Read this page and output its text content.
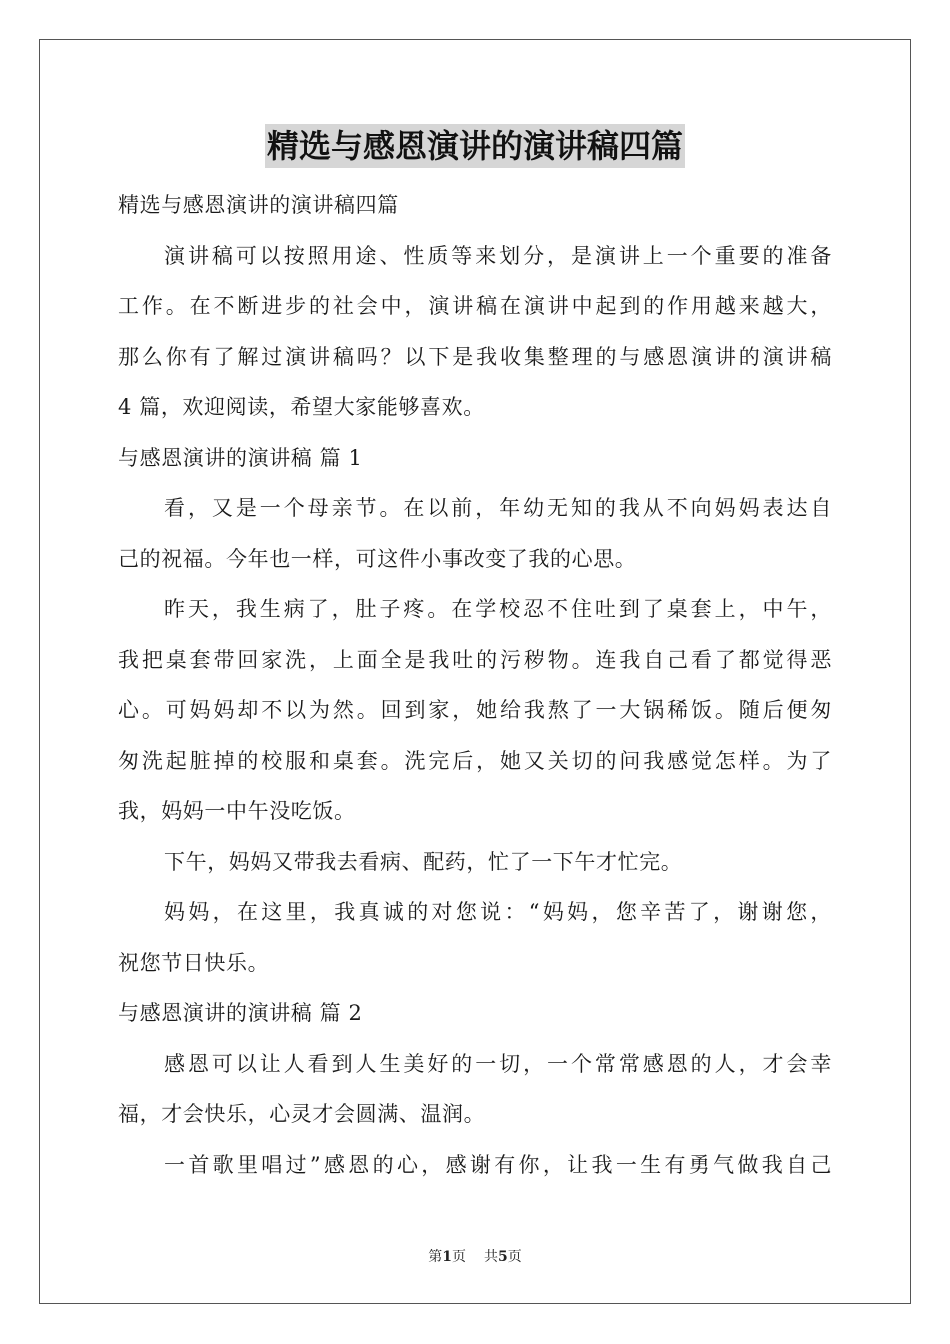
精选与感恩演讲的演讲稿四篇
精选与感恩演讲的演讲稿四篇
演讲稿可以按照用途、性质等来划分，是演讲上一个重要的准备
工作。在不断进步的社会中，演讲稿在演讲中起到的作用越来越大，
那么你有了解过演讲稿吗？以下是我收集整理的与感恩演讲的演讲稿
4 篇，欢迎阅读，希望大家能够喜欢。
与感恩演讲的演讲稿 篇 1
看，又是一个母亲节。在以前，年幼无知的我从不向妈妈表达自
己的祝福。今年也一样，可这件小事改变了我的心思。
昨天，我生病了，肚子疼。在学校忍不住吐到了桌套上，中午，
我把桌套带回家洗，上面全是我吐的污秽物。连我自己看了都觉得恶
心。可妈妈却不以为然。回到家，她给我熬了一大锅稀饭。随后便匆
匆洗起脏掉的校服和桌套。洗完后，她又关切的问我感觉怎样。为了
我，妈妈一中午没吃饭。
下午，妈妈又带我去看病、配药，忙了一下午才忙完。
妈妈，在这里，我真诚的对您说：“妈妈，您辛苦了，谢谢您，
祝您节日快乐。
与感恩演讲的演讲稿 篇 2
感恩可以让人看到人生美好的一切，一个常常感恩的人，才会幸
福，才会快乐，心灵才会圆满、温润。
一首歌里唱过”感恩的心，感谢有你，让我一生有勇气做我自己
第1页 共5页
